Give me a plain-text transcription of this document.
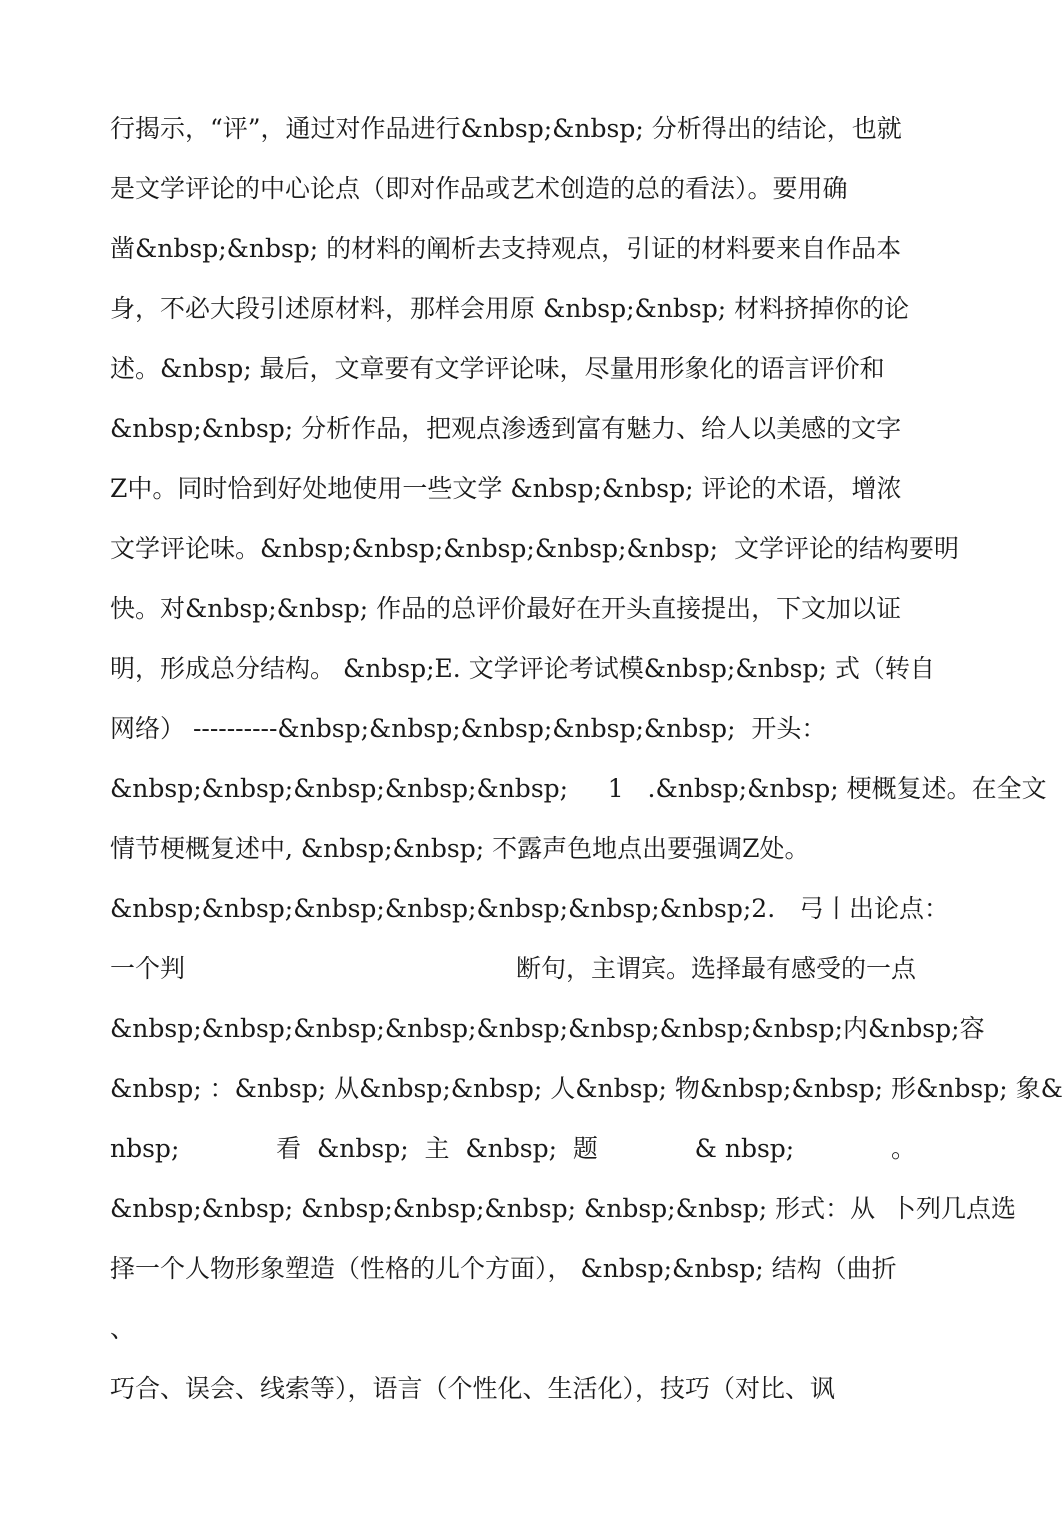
行揭示，“评”，通过对作品进行&nbsp;&nbsp; 分析得出的结论，也就
是文学评论的中心论点（即对作品或艺术创造的总的看法）。要用确
凿&nbsp;&nbsp; 的材料的阐析去支持观点，引证的材料要来自作品本
身，不必大段引述原材料，那样会用原 &nbsp;&nbsp; 材料挤掉你的论
述。&nbsp; 最后，文章要有文学评论味，尽量用形象化的语言评价和
&nbsp;&nbsp; 分析作品，把观点渗透到富有魅力、给人以美感的文字
Z中。同时恰到好处地使用一些文学 &nbsp;&nbsp; 评论的术语，增浓
文学评论味。&nbsp;&nbsp;&nbsp;&nbsp;&nbsp;  文学评论的结构要明
快。对&nbsp;&nbsp; 作品的总评价最好在开头直接提出，下文加以证
明，形成总分结构。 &nbsp;E. 文学评论考试模&nbsp;&nbsp; 式（转自
网络） ----------&nbsp;&nbsp;&nbsp;&nbsp;&nbsp;  开头：
&nbsp;&nbsp;&nbsp;&nbsp;&nbsp;     1   .&nbsp;&nbsp; 梗概复述。在全文
情节梗概复述中, &nbsp;&nbsp; 不露声色地点出要强调Z处。
&nbsp;&nbsp;&nbsp;&nbsp;&nbsp;&nbsp;&nbsp;2.   弓丨出 论点：
一个判	断句，主谓宾。选择最有感受的一点
&nbsp;&nbsp;&nbsp;&nbsp;&nbsp;&nbsp;&nbsp;&nbsp; 内 &nbsp; 容
&nbsp; ： &nbsp; 从&nbsp;&nbsp; 人&nbsp; 物&nbsp;&nbsp; 形&nbsp; 象 &
nbsp;	看  &nbsp;  主  &nbsp;  题	& nbsp;	。
&nbsp;&nbsp; &nbsp;&nbsp;&nbsp; &nbsp;&nbsp; 形式： 从  卜列几点选
择一个人物形象塑造（性格的儿个方面）， &nbsp;&nbsp; 结构（曲折
、
巧合、误会、线索等），语言（个性化、生活化），技巧（对比、讽
